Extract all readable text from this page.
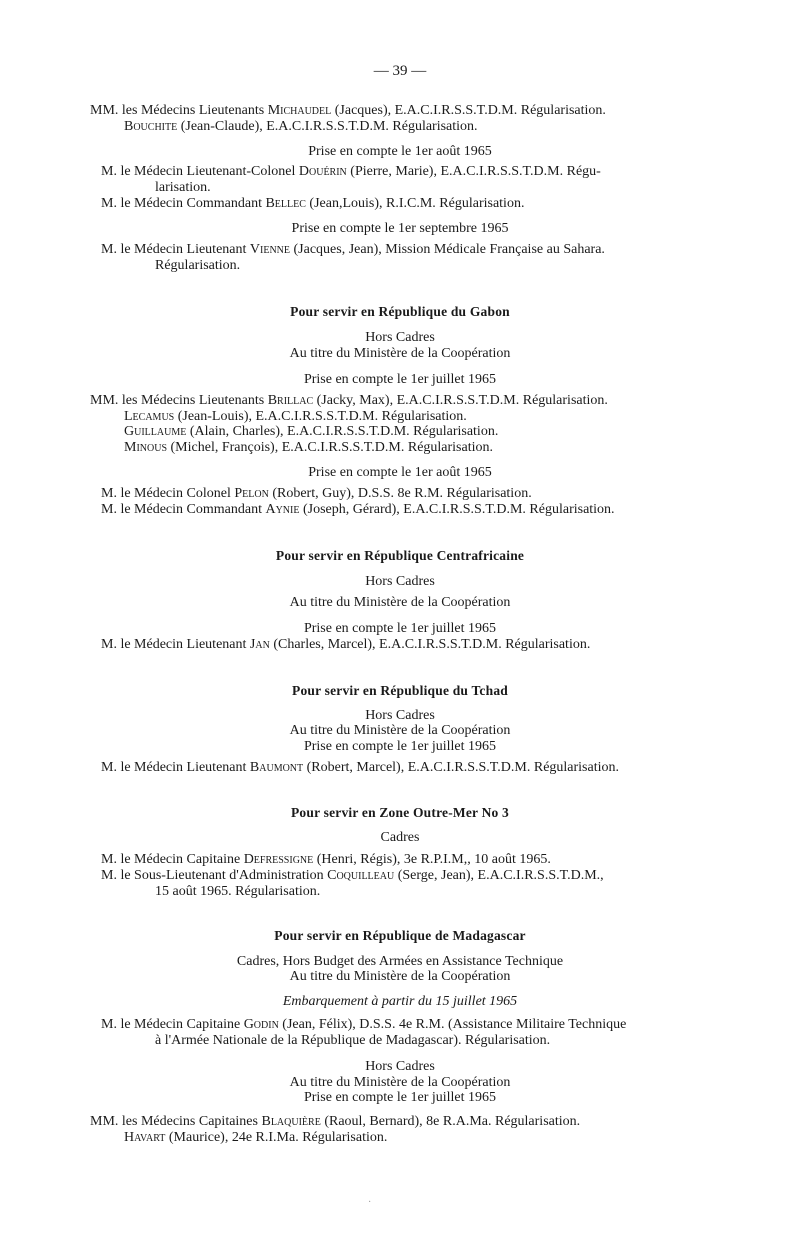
— 39 —
MM. les Médecins Lieutenants Michaudel (Jacques), E.A.C.I.R.S.S.T.D.M. Régularisation.
Bouchite (Jean-Claude), E.A.C.I.R.S.S.T.D.M. Régularisation.
Prise en compte le 1er août 1965
M. le Médecin Lieutenant-Colonel Douérin (Pierre, Marie), E.A.C.I.R.S.S.T.D.M. Régu-
larisation.
M. le Médecin Commandant Bellec (Jean,Louis), R.I.C.M. Régularisation.
Prise en compte le 1er septembre 1965
M. le Médecin Lieutenant Vienne (Jacques, Jean), Mission Médicale Française au Sahara.
Régularisation.
Pour servir en République du Gabon
Hors Cadres
Au titre du Ministère de la Coopération
Prise en compte le 1er juillet 1965
MM. les Médecins Lieutenants Brillac (Jacky, Max), E.A.C.I.R.S.S.T.D.M. Régularisation.
Lecamus (Jean-Louis), E.A.C.I.R.S.S.T.D.M. Régularisation.
Guillaume (Alain, Charles), E.A.C.I.R.S.S.T.D.M. Régularisation.
Minous (Michel, François), E.A.C.I.R.S.S.T.D.M. Régularisation.
Prise en compte le 1er août 1965
M. le Médecin Colonel Pelon (Robert, Guy), D.S.S. 8e R.M. Régularisation.
M. le Médecin Commandant Aynie (Joseph, Gérard), E.A.C.I.R.S.S.T.D.M. Régularisation.
Pour servir en République Centrafricaine
Hors Cadres
Au titre du Ministère de la Coopération
Prise en compte le 1er juillet 1965
M. le Médecin Lieutenant Jan (Charles, Marcel), E.A.C.I.R.S.S.T.D.M. Régularisation.
Pour servir en République du Tchad
Hors Cadres
Au titre du Ministère de la Coopération
Prise en compte le 1er juillet 1965
M. le Médecin Lieutenant Baumont (Robert, Marcel), E.A.C.I.R.S.S.T.D.M. Régularisation.
Pour servir en Zone Outre-Mer No 3
Cadres
M. le Médecin Capitaine Defressigne (Henri, Régis), 3e R.P.I.M,, 10 août 1965.
M. le Sous-Lieutenant d'Administration Coquilleau (Serge, Jean), E.A.C.I.R.S.S.T.D.M.,
15 août 1965. Régularisation.
Pour servir en République de Madagascar
Cadres, Hors Budget des Armées en Assistance Technique
Au titre du Ministère de la Coopération
Embarquement à partir du 15 juillet 1965
M. le Médecin Capitaine Godin (Jean, Félix), D.S.S. 4e R.M. (Assistance Militaire Technique
à l'Armée Nationale de la République de Madagascar). Régularisation.
Hors Cadres
Au titre du Ministère de la Coopération
Prise en compte le 1er juillet 1965
MM. les Médecins Capitaines Blaquière (Raoul, Bernard), 8e R.A.Ma. Régularisation.
Havart (Maurice), 24e R.I.Ma. Régularisation.
·
